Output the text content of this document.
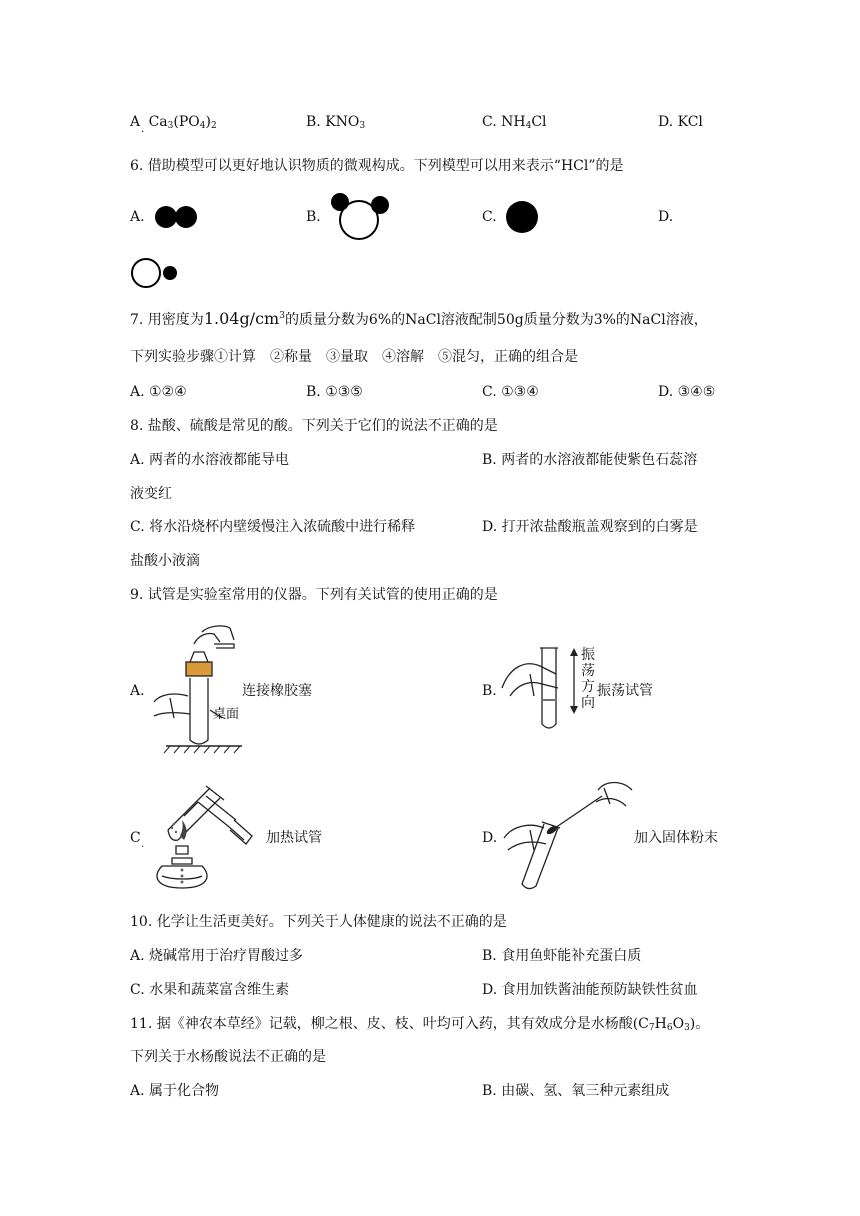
A $Ca_3(PO_4)_2$
·
B. $KNO_3$	C. $NH_4Cl$	D. KCl
6. 借助模型可以更好地认识物质的微观构成。下列模型可以用来表示“HCl”的是
A.	B.	C.	D.
7. 用密度为$1.04g/cm^3$的质量分数为6%的NaCl溶液配制50g质量分数为3%的NaCl溶液，
下列实验步骤①计算　②称量　③量取　④溶解　⑤混匀，正确的组合是
A. ①②④	B. ①③⑤	C. ①③④	D. ③④⑤
8. 盐酸、硫酸是常见的酸。下列关于它们的说法不正确的是
A. 两者的水溶液都能导电	B. 两者的水溶液都能使紫色石蕊溶
液变红
C. 将水沿烧杯内壁缓慢注入浓硫酸中进行稀释	D. 打开浓盐酸瓶盖观察到的白雾是
盐酸小液滴
9. 试管是实验室常用的仪器。下列有关试管的使用正确的是
A.
桌面
连接橡胶塞	B.
振
荡
方
向
振荡试管
C
·
加热试管	D.	加入固体粉末
10. 化学让生活更美好。下列关于人体健康的说法不正确的是
A. 烧碱常用于治疗胃酸过多	B. 食用鱼虾能补充蛋白质
C. 水果和蔬菜富含维生素	D. 食用加铁酱油能预防缺铁性贫血
11. 据《神农本草经》记载，柳之根、皮、枝、叶均可入药，其有效成分是水杨酸$(C_7H_6O_3)$。
下列关于水杨酸说法不正确的是
A. 属于化合物	B. 由碳、氢、氧三种元素组成
